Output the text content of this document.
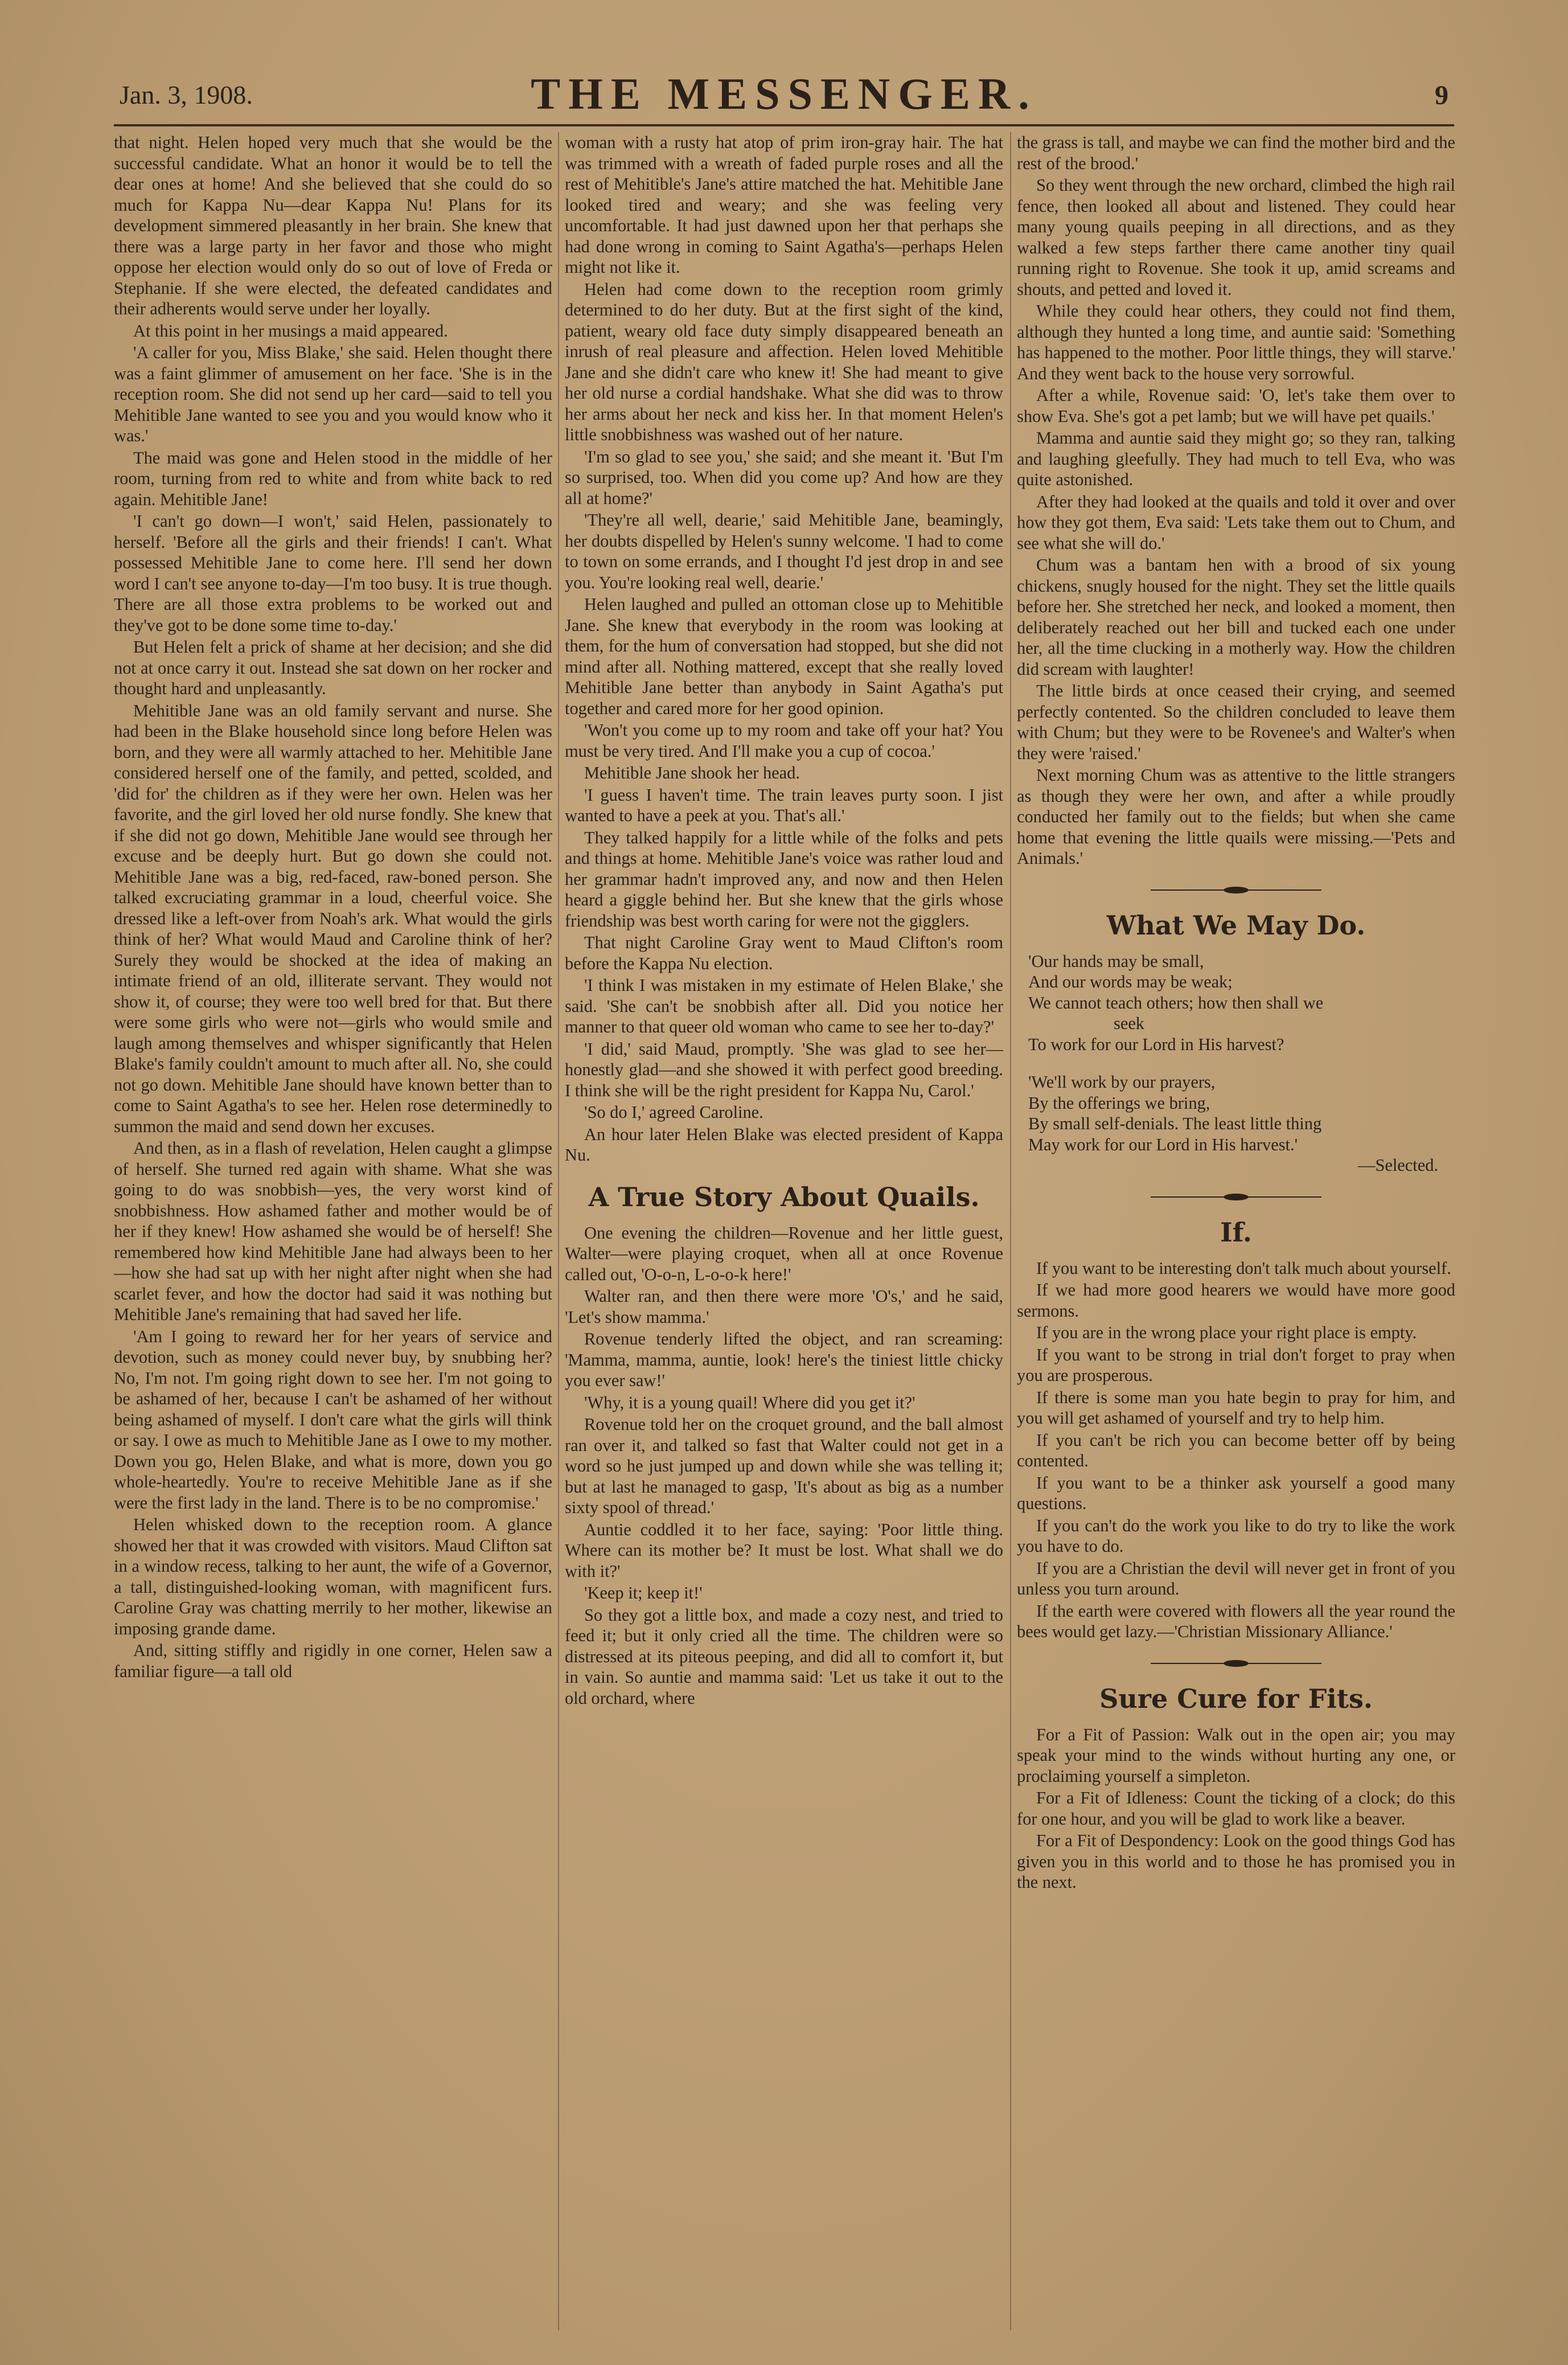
Jan. 3, 1908.	THE MESSENGER.	9

that night. Helen hoped very much that she would be the successful candidate. What an honor it would be to tell the dear ones at home! And she believed that she could do so much for Kappa Nu—dear Kappa Nu! Plans for its development simmered pleasantly in her brain. She knew that there was a large party in her favor and those who might oppose her election would only do so out of love of Freda or Stephanie. If she were elected, the defeated candidates and their adherents would serve under her loyally.

At this point in her musings a maid appeared.

'A caller for you, Miss Blake,' she said. Helen thought there was a faint glimmer of amusement on her face. 'She is in the reception room. She did not send up her card—said to tell you Mehitible Jane wanted to see you and you would know who it was.'

The maid was gone and Helen stood in the middle of her room, turning from red to white and from white back to red again. Mehitible Jane!

'I can't go down—I won't,' said Helen, passionately to herself. 'Before all the girls and their friends! I can't. What possessed Mehitible Jane to come here. I'll send her down word I can't see anyone to-day—I'm too busy. It is true though. There are all those extra problems to be worked out and they've got to be done some time to-day.'

But Helen felt a prick of shame at her decision; and she did not at once carry it out. Instead she sat down on her rocker and thought hard and unpleasantly.

Mehitible Jane was an old family servant and nurse. She had been in the Blake household since long before Helen was born, and they were all warmly attached to her. Mehitible Jane considered herself one of the family, and petted, scolded, and 'did for' the children as if they were her own. Helen was her favorite, and the girl loved her old nurse fondly. She knew that if she did not go down, Mehitible Jane would see through her excuse and be deeply hurt. But go down she could not. Mehitible Jane was a big, red-faced, raw-boned person. She talked excruciating grammar in a loud, cheerful voice. She dressed like a left-over from Noah's ark. What would the girls think of her? What would Maud and Caroline think of her? Surely they would be shocked at the idea of making an intimate friend of an old, illiterate servant. They would not show it, of course; they were too well bred for that. But there were some girls who were not—girls who would smile and laugh among themselves and whisper significantly that Helen Blake's family couldn't amount to much after all. No, she could not go down. Mehitible Jane should have known better than to come to Saint Agatha's to see her. Helen rose determinedly to summon the maid and send down her excuses.

And then, as in a flash of revelation, Helen caught a glimpse of herself. She turned red again with shame. What she was going to do was snobbish—yes, the very worst kind of snobbishness. How ashamed father and mother would be of her if they knew! How ashamed she would be of herself! She remembered how kind Mehitible Jane had always been to her—how she had sat up with her night after night when she had scarlet fever, and how the doctor had said it was nothing but Mehitible Jane's remaining that had saved her life.

'Am I going to reward her for her years of service and devotion, such as money could never buy, by snubbing her? No, I'm not. I'm going right down to see her. I'm not going to be ashamed of her, because I can't be ashamed of her without being ashamed of myself. I don't care what the girls will think or say. I owe as much to Mehitible Jane as I owe to my mother. Down you go, Helen Blake, and what is more, down you go whole-heartedly. You're to receive Mehitible Jane as if she were the first lady in the land. There is to be no compromise.'

Helen whisked down to the reception room. A glance showed her that it was crowded with visitors. Maud Clifton sat in a window recess, talking to her aunt, the wife of a Governor, a tall, distinguished-looking woman, with magnificent furs. Caroline Gray was chatting merrily to her mother, likewise an imposing grande dame.

And, sitting stiffly and rigidly in one corner, Helen saw a familiar figure—a tall old

woman with a rusty hat atop of prim iron-gray hair. The hat was trimmed with a wreath of faded purple roses and all the rest of Mehitible's Jane's attire matched the hat. Mehitible Jane looked tired and weary; and she was feeling very uncomfortable. It had just dawned upon her that perhaps she had done wrong in coming to Saint Agatha's—perhaps Helen might not like it.

Helen had come down to the reception room grimly determined to do her duty. But at the first sight of the kind, patient, weary old face duty simply disappeared beneath an inrush of real pleasure and affection. Helen loved Mehitible Jane and she didn't care who knew it! She had meant to give her old nurse a cordial handshake. What she did was to throw her arms about her neck and kiss her. In that moment Helen's little snobbishness was washed out of her nature.

'I'm so glad to see you,' she said; and she meant it. 'But I'm so surprised, too. When did you come up? And how are they all at home?'

'They're all well, dearie,' said Mehitible Jane, beamingly, her doubts dispelled by Helen's sunny welcome. 'I had to come to town on some errands, and I thought I'd jest drop in and see you. You're looking real well, dearie.'

Helen laughed and pulled an ottoman close up to Mehitible Jane. She knew that everybody in the room was looking at them, for the hum of conversation had stopped, but she did not mind after all. Nothing mattered, except that she really loved Mehitible Jane better than anybody in Saint Agatha's put together and cared more for her good opinion.

'Won't you come up to my room and take off your hat? You must be very tired. And I'll make you a cup of cocoa.'

Mehitible Jane shook her head.

'I guess I haven't time. The train leaves purty soon. I jist wanted to have a peek at you. That's all.'

They talked happily for a little while of the folks and pets and things at home. Mehitible Jane's voice was rather loud and her grammar hadn't improved any, and now and then Helen heard a giggle behind her. But she knew that the girls whose friendship was best worth caring for were not the gigglers.

That night Caroline Gray went to Maud Clifton's room before the Kappa Nu election.

'I think I was mistaken in my estimate of Helen Blake,' she said. 'She can't be snobbish after all. Did you notice her manner to that queer old woman who came to see her to-day?'

'I did,' said Maud, promptly. 'She was glad to see her—honestly glad—and she showed it with perfect good breeding. I think she will be the right president for Kappa Nu, Carol.'

'So do I,' agreed Caroline.

An hour later Helen Blake was elected president of Kappa Nu.

A True Story About Quails.

One evening the children—Rovenue and her little guest, Walter—were playing croquet, when all at once Rovenue called out, 'O-o-n, L-o-o-k here!'

Walter ran, and then there were more 'O's,' and he said, 'Let's show mamma.'

Rovenue tenderly lifted the object, and ran screaming: 'Mamma, mamma, auntie, look! here's the tiniest little chicky you ever saw!'

'Why, it is a young quail! Where did you get it?'

Rovenue told her on the croquet ground, and the ball almost ran over it, and talked so fast that Walter could not get in a word so he just jumped up and down while she was telling it; but at last he managed to gasp, 'It's about as big as a number sixty spool of thread.'

Auntie coddled it to her face, saying: 'Poor little thing. Where can its mother be? It must be lost. What shall we do with it?'

'Keep it; keep it!'

So they got a little box, and made a cozy nest, and tried to feed it; but it only cried all the time. The children were so distressed at its piteous peeping, and did all to comfort it, but in vain. So auntie and mamma said: 'Let us take it out to the old orchard, where

the grass is tall, and maybe we can find the mother bird and the rest of the brood.'

So they went through the new orchard, climbed the high rail fence, then looked all about and listened. They could hear many young quails peeping in all directions, and as they walked a few steps farther there came another tiny quail running right to Rovenue. She took it up, amid screams and shouts, and petted and loved it.

While they could hear others, they could not find them, although they hunted a long time, and auntie said: 'Something has happened to the mother. Poor little things, they will starve.' And they went back to the house very sorrowful.

After a while, Rovenue said: 'O, let's take them over to show Eva. She's got a pet lamb; but we will have pet quails.'

Mamma and auntie said they might go; so they ran, talking and laughing gleefully. They had much to tell Eva, who was quite astonished.

After they had looked at the quails and told it over and over how they got them, Eva said: 'Lets take them out to Chum, and see what she will do.'

Chum was a bantam hen with a brood of six young chickens, snugly housed for the night. They set the little quails before her. She stretched her neck, and looked a moment, then deliberately reached out her bill and tucked each one under her, all the time clucking in a motherly way. How the children did scream with laughter!

The little birds at once ceased their crying, and seemed perfectly contented. So the children concluded to leave them with Chum; but they were to be Rovenee's and Walter's when they were 'raised.'

Next morning Chum was as attentive to the little strangers as though they were her own, and after a while proudly conducted her family out to the fields; but when she came home that evening the little quails were missing.—'Pets and Animals.'

What We May Do.
'Our hands may be small,
And our words may be weak;
We cannot teach others; how then shall we
seek
To work for our Lord in His harvest?
'We'll work by our prayers,
By the offerings we bring,
By small self-denials. The least little thing
May work for our Lord in His harvest.'
—Selected.
If.

If you want to be interesting don't talk much about yourself.

If we had more good hearers we would have more good sermons.

If you are in the wrong place your right place is empty.

If you want to be strong in trial don't forget to pray when you are prosperous.

If there is some man you hate begin to pray for him, and you will get ashamed of yourself and try to help him.

If you can't be rich you can become better off by being contented.

If you want to be a thinker ask yourself a good many questions.

If you can't do the work you like to do try to like the work you have to do.

If you are a Christian the devil will never get in front of you unless you turn around.

If the earth were covered with flowers all the year round the bees would get lazy.—'Christian Missionary Alliance.'

Sure Cure for Fits.

For a Fit of Passion: Walk out in the open air; you may speak your mind to the winds without hurting any one, or proclaiming yourself a simpleton.

For a Fit of Idleness: Count the ticking of a clock; do this for one hour, and you will be glad to work like a beaver.

For a Fit of Despondency: Look on the good things God has given you in this world and to those he has promised you in the next.
